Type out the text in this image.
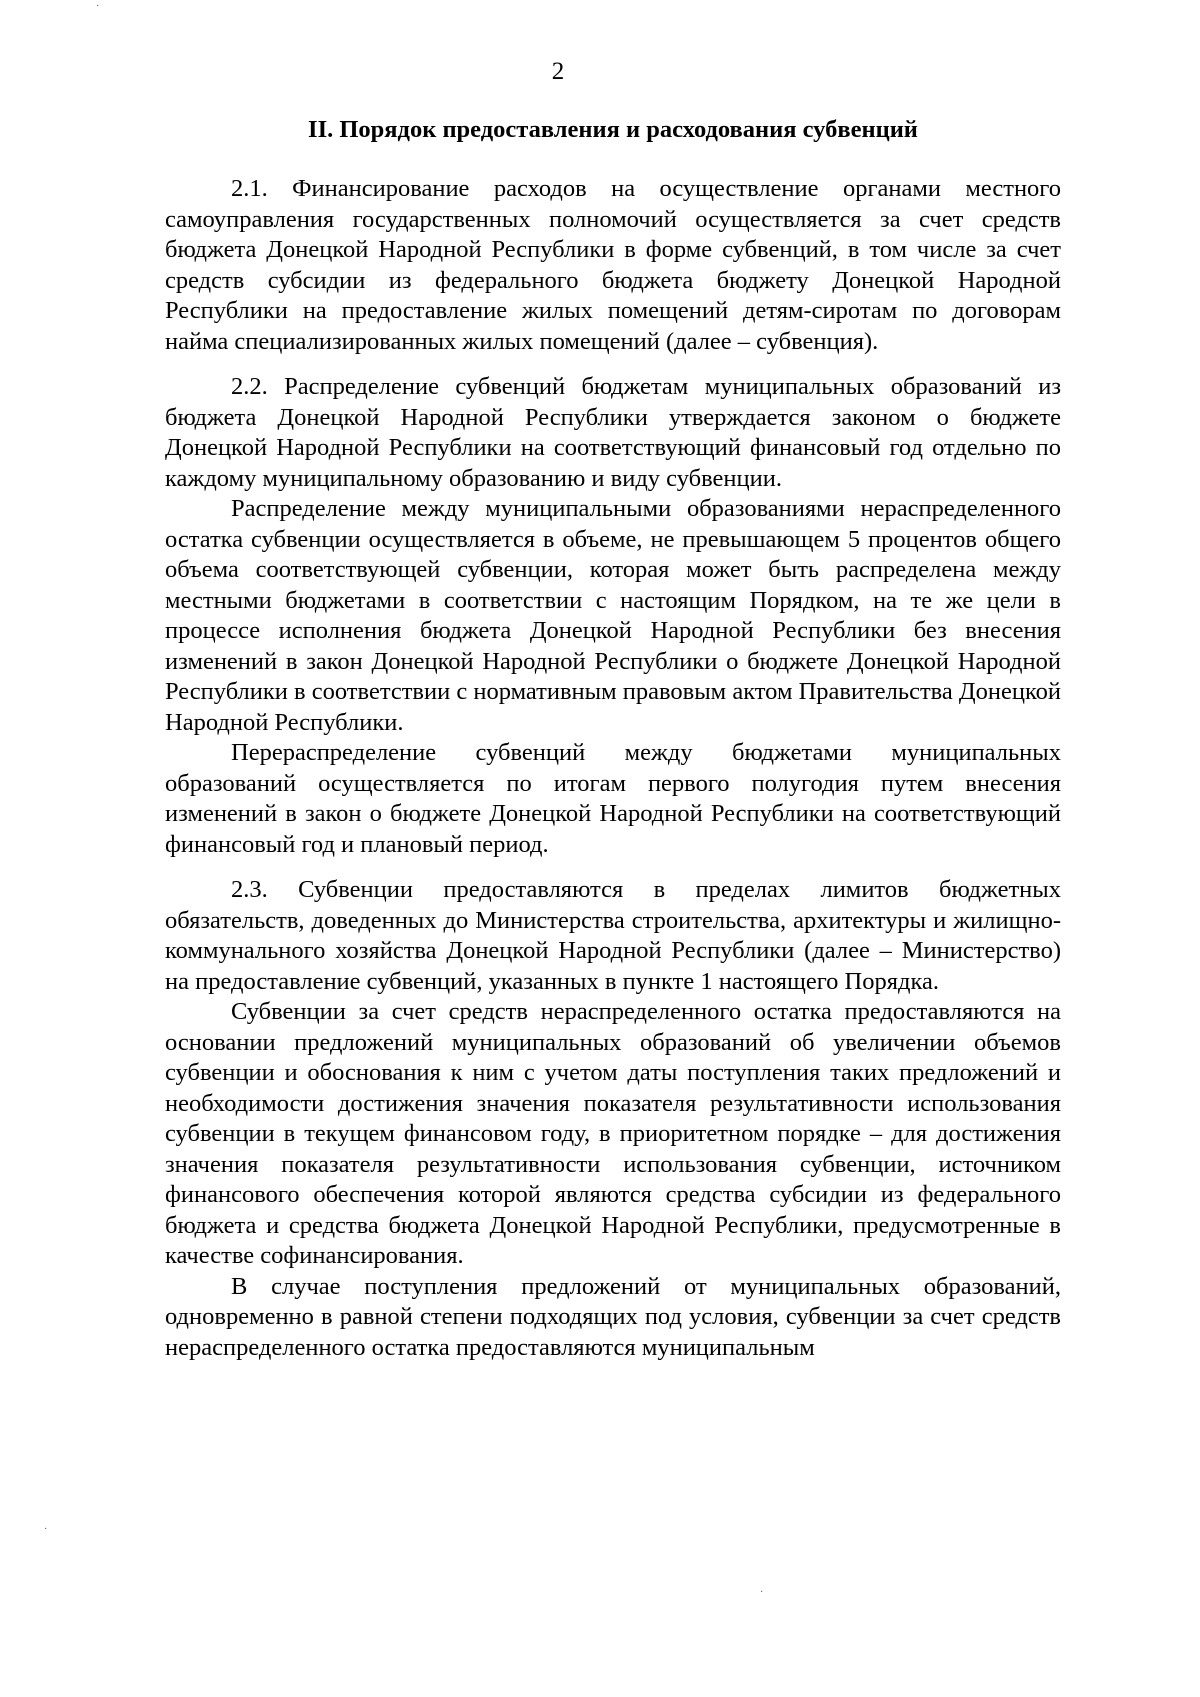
2
II. Порядок предоставления и расходования субвенций

2.1. Финансирование расходов на осуществление органами местного самоуправления государственных полномочий осуществляется за счет средств бюджета Донецкой Народной Республики в форме субвенций, в том числе за счет средств субсидии из федерального бюджета бюджету Донецкой Народной Республики на предоставление жилых помещений детям-сиротам по договорам найма специализированных жилых помещений (далее – субвенция).

2.2. Распределение субвенций бюджетам муниципальных образований из бюджета Донецкой Народной Республики утверждается законом о бюджете Донецкой Народной Республики на соответствующий финансовый год отдельно по каждому муниципальному образованию и виду субвенции.

Распределение между муниципальными образованиями нераспределенного остатка субвенции осуществляется в объеме, не превышающем 5 процентов общего объема соответствующей субвенции, которая может быть распределена между местными бюджетами в соответствии с настоящим Порядком, на те же цели в процессе исполнения бюджета Донецкой Народной Республики без внесения изменений в закон Донецкой Народной Республики о бюджете Донецкой Народной Республики в соответствии с нормативным правовым актом Правительства Донецкой Народной Республики.

Перераспределение субвенций между бюджетами муниципальных образований осуществляется по итогам первого полугодия путем внесения изменений в закон о бюджете Донецкой Народной Республики на соответствующий финансовый год и плановый период.

2.3. Субвенции предоставляются в пределах лимитов бюджетных обязательств, доведенных до Министерства строительства, архитектуры и жилищно-коммунального хозяйства Донецкой Народной Республики (далее – Министерство) на предоставление субвенций, указанных в пункте 1 настоящего Порядка.

Субвенции за счет средств нераспределенного остатка предоставляются на основании предложений муниципальных образований об увеличении объемов субвенции и обоснования к ним с учетом даты поступления таких предложений и необходимости достижения значения показателя результативности использования субвенции в текущем финансовом году, в приоритетном порядке – для достижения значения показателя результативности использования субвенции, источником финансового обеспечения которой являются средства субсидии из федерального бюджета и средства бюджета Донецкой Народной Республики, предусмотренные в качестве софинансирования.

В случае поступления предложений от муниципальных образований, одновременно в равной степени подходящих под условия, субвенции за счет средств нераспределенного остатка предоставляются муниципальным

·
·
·
